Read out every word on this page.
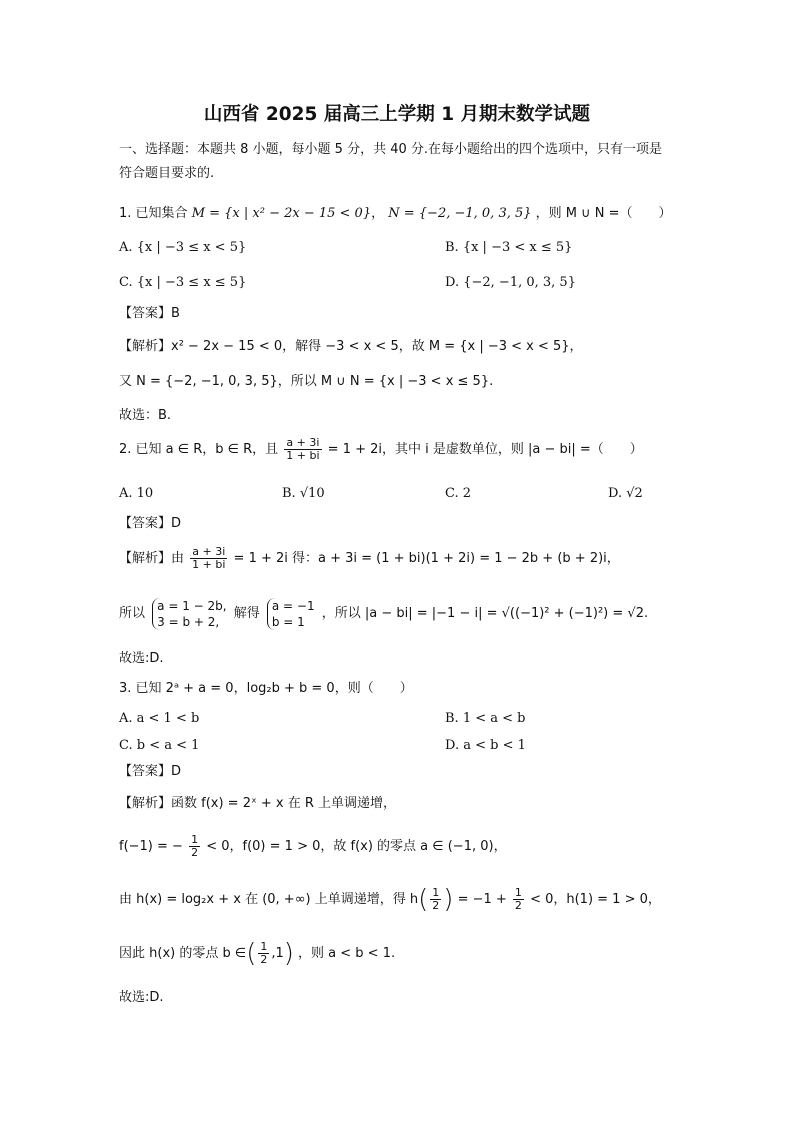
山西省 2025 届高三上学期 1 月期末数学试题
一、选择题：本题共 8 小题，每小题 5 分，共 40 分.在每小题给出的四个选项中，只有一项是符合题目要求的.
1. 已知集合 M = {x | x² − 2x − 15 < 0}， N = {−2, −1, 0, 3, 5} ，则 M ∪ N =（　　）
A. {x | −3 ≤ x < 5}	B. {x | −3 < x ≤ 5}
C. {x | −3 ≤ x ≤ 5}	D. {−2, −1, 0, 3, 5}
【答案】B
【解析】x² − 2x − 15 < 0，解得 −3 < x < 5，故 M = {x | −3 < x < 5}，
又 N = {−2, −1, 0, 3, 5}，所以 M ∪ N = {x | −3 < x ≤ 5}.
故选：B.
2. 已知 a ∈ R，b ∈ R，且 $\frac{a + 3i}{1 + bi} = 1 + 2i$，其中 i 是虚数单位，则 |a − bi| =（　　）
A. 10	B. √10	C. 2	D. √2
【答案】D
【解析】由 $\frac{a + 3i}{1 + bi} = 1 + 2i$ 得：a + 3i = (1 + bi)(1 + 2i) = 1 − 2b + (b + 2)i，
所以
a = 1 − 2b,
3 = b + 2,
解得
a = −1
b = 1
，所以 |a − bi| = |−1 − i| = √((−1)² + (−1)²) = √2.
故选:D.
3. 已知 2ᵃ + a = 0，log₂b + b = 0，则（　　）
A. a < 1 < b	B. 1 < a < b
C. b < a < 1	D. a < b < 1
【答案】D
【解析】函数 f(x) = 2ˣ + x 在 R 上单调递增，
f(−1) = − $\frac{1}{2} < 0$，f(0) = 1 > 0，故 f(x) 的零点 a ∈ (−1, 0)，
由 h(x) = log₂x + x 在 (0, +∞) 上单调递增，得 $h( \frac{1}{2}$ ) = $-1 + \frac{1}{2} < 0$，h(1) = 1 > 0，
因此 h(x) 的零点 b ∈( $\frac{1}{2} ,1$) ，则 a < b < 1.
故选:D.
